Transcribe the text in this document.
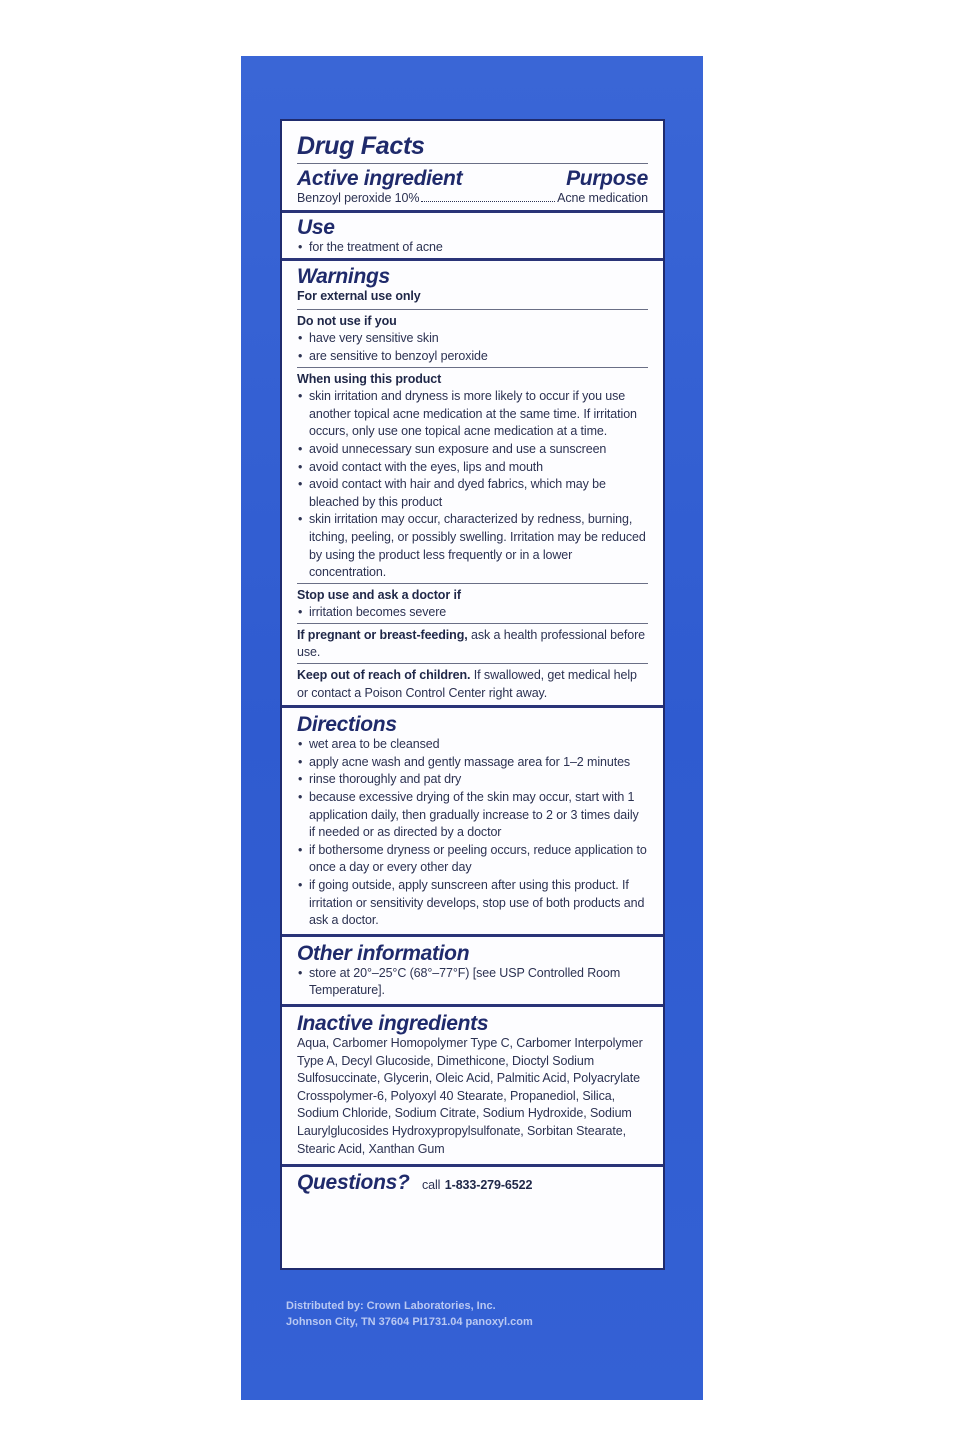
Drug Facts
Active ingredient	Purpose
Benzoyl peroxide 10%	Acne medication
Use
• for the treatment of acne
Warnings
For external use only
Do not use if you
• have very sensitive skin
• are sensitive to benzoyl peroxide
When using this product
• skin irritation and dryness is more likely to occur if you use another topical acne medication at the same time. If irritation occurs, only use one topical acne medication at a time.
• avoid unnecessary sun exposure and use a sunscreen
• avoid contact with the eyes, lips and mouth
• avoid contact with hair and dyed fabrics, which may be bleached by this product
• skin irritation may occur, characterized by redness, burning, itching, peeling, or possibly swelling. Irritation may be reduced by using the product less frequently or in a lower concentration.
Stop use and ask a doctor if
• irritation becomes severe
If pregnant or breast-feeding, ask a health professional before use.
Keep out of reach of children. If swallowed, get medical help or contact a Poison Control Center right away.
Directions
• wet area to be cleansed
• apply acne wash and gently massage area for 1–2 minutes
• rinse thoroughly and pat dry
• because excessive drying of the skin may occur, start with 1 application daily, then gradually increase to 2 or 3 times daily if needed or as directed by a doctor
• if bothersome dryness or peeling occurs, reduce application to once a day or every other day
• if going outside, apply sunscreen after using this product. If irritation or sensitivity develops, stop use of both products and ask a doctor.
Other information
• store at 20°–25°C (68°–77°F) [see USP Controlled Room Temperature].
Inactive ingredients
Aqua, Carbomer Homopolymer Type C, Carbomer Interpolymer Type A, Decyl Glucoside, Dimethicone, Dioctyl Sodium Sulfosuccinate, Glycerin, Oleic Acid, Palmitic Acid, Polyacrylate Crosspolymer-6, Polyoxyl 40 Stearate, Propanediol, Silica, Sodium Chloride, Sodium Citrate, Sodium Hydroxide, Sodium Laurylglucosides Hydroxypropylsulfonate, Sorbitan Stearate, Stearic Acid, Xanthan Gum
Questions? call 1-833-279-6522
Distributed by: Crown Laboratories, Inc.
Johnson City, TN 37604 PI1731.04 panoxyl.com
